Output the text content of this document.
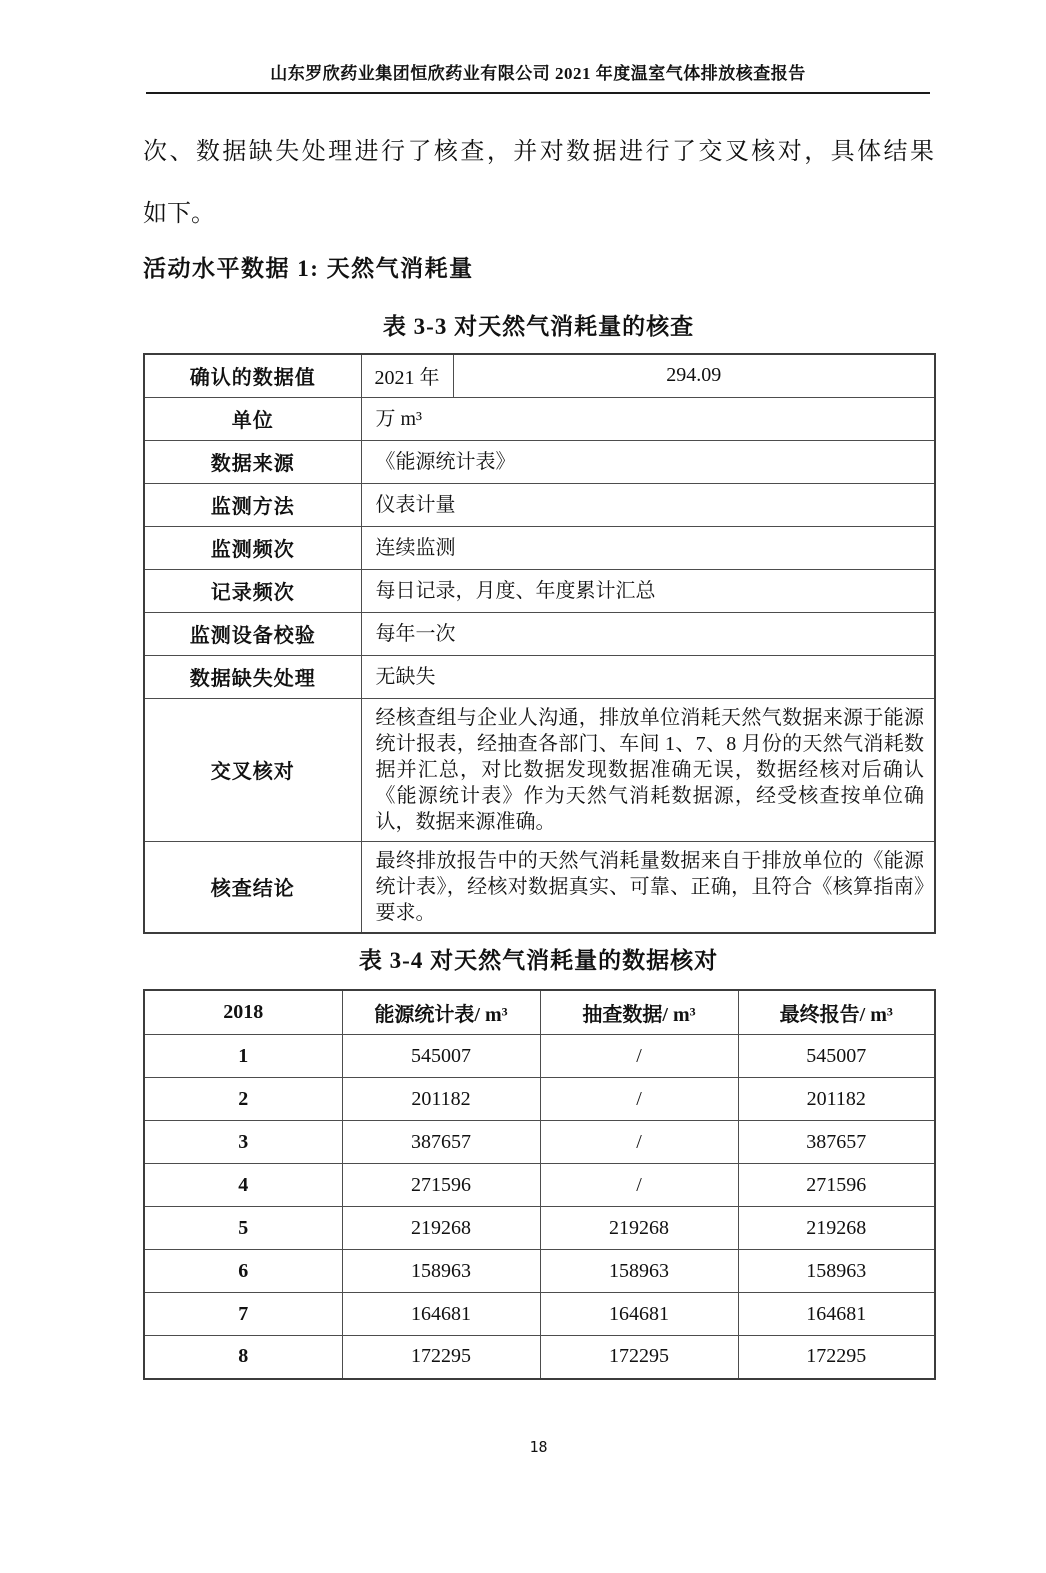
山东罗欣药业集团恒欣药业有限公司 2021 年度温室气体排放核查报告
次、数据缺失处理进行了核查，并对数据进行了交叉核对，具体结果
如下。
活动水平数据 1: 天然气消耗量
表 3-3 对天然气消耗量的核查
确认的数据值	2021 年	294.09
单位	万 m³	
数据来源	《能源统计表》	
监测方法	仪表计量	
监测频次	连续监测	
记录频次	每日记录，月度、年度累计汇总	
监测设备校验	每年一次	
数据缺失处理	无缺失	
交叉核对	经核查组与企业人沟通，排放单位消耗天然气数据来源于能源统计报表，经抽查各部门、车间 1、7、8 月份的天然气消耗数据并汇总，对比数据发现数据准确无误，数据经核对后确认《能源统计表》作为天然气消耗数据源，经受核查按单位确认，数据来源准确。	
核查结论	最终排放报告中的天然气消耗量数据来自于排放单位的《能源统计表》，经核对数据真实、可靠、正确，且符合《核算指南》要求。	
表 3-4 对天然气消耗量的数据核对
2018	能源统计表/ m³	抽查数据/ m³	最终报告/ m³
1	545007	/	545007
2	201182	/	201182
3	387657	/	387657
4	271596	/	271596
5	219268	219268	219268
6	158963	158963	158963
7	164681	164681	164681
8	172295	172295	172295
18
